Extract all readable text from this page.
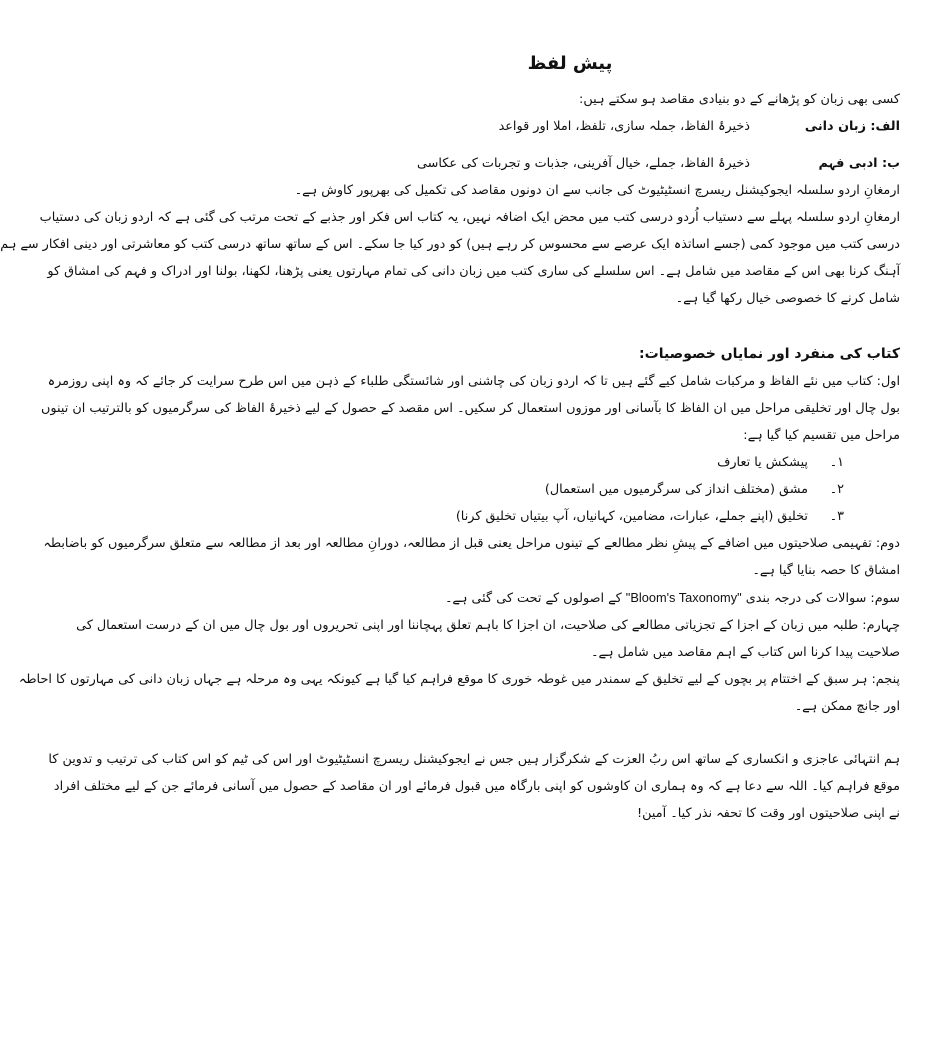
پیش لفظ

کسی بھی زبان کو پڑھانے کے دو بنیادی مقاصد ہو سکتے ہیں:

الف: زبان دانی
ذخیرۂ الفاظ، جملہ سازی، تلفظ، املا اور قواعد
ب: ادبی فہم
ذخیرۂ الفاظ، جملے، خیال آفرینی، جذبات و تجربات کی عکاسی

ارمغانِ اردو سلسلہ ایجوکیشنل ریسرچ انسٹیٹیوٹ کی جانب سے ان دونوں مقاصد کی تکمیل کی بھرپور کاوش ہے۔

ارمغانِ اردو سلسلہ پہلے سے دستیاب اُردو درسی کتب میں محض ایک اضافہ نہیں، یہ کتاب اس فکر اور جذبے کے تحت مرتب کی گئی ہے کہ اردو زبان کی دستیاب

درسی کتب میں موجود کمی (جسے اساتذہ ایک عرصے سے محسوس کر رہے ہیں) کو دور کیا جا سکے۔ اس کے ساتھ ساتھ درسی کتب کو معاشرتی اور دینی افکار سے ہم

آہنگ کرنا بھی اس کے مقاصد میں شامل ہے۔ اس سلسلے کی ساری کتب میں زبان دانی کی تمام مہارتوں یعنی پڑھنا، لکھنا، بولنا اور ادراک و فہم کی امشاق کو

شامل کرنے کا خصوصی خیال رکھا گیا ہے۔

کتاب کی منفرد اور نمایاں خصوصیات:

اول: کتاب میں نئے الفاظ و مرکبات شامل کیے گئے ہیں تا کہ اردو زبان کی چاشنی اور شائستگی طلباء کے ذہن میں اس طرح سرایت کر جائے کہ وہ اپنی روزمرہ

بول چال اور تخلیقی مراحل میں ان الفاظ کا بآسانی اور موزوں استعمال کر سکیں۔ اس مقصد کے حصول کے لیے ذخیرۂ الفاظ کی سرگرمیوں کو بالترتیب ان تینوں

مراحل میں تقسیم کیا گیا ہے:

۱۔پیشکش یا تعارف

۲۔مشق (مختلف انداز کی سرگرمیوں میں استعمال)

۳۔تخلیق (اپنے جملے، عبارات، مضامین، کہانیاں، آپ بیتیاں تخلیق کرنا)

دوم: تفہیمی صلاحیتوں میں اضافے کے پیشِ نظر مطالعے کے تینوں مراحل یعنی قبل از مطالعہ، دورانِ مطالعہ اور بعد از مطالعہ سے متعلق سرگرمیوں کو باضابطہ

امشاق کا حصہ بنایا گیا ہے۔

سوم: سوالات کی درجہ بندی "Bloom's Taxonomy" کے اصولوں کے تحت کی گئی ہے۔

چہارم: طلبہ میں زبان کے اجزا کے تجزیاتی مطالعے کی صلاحیت، ان اجزا کا باہم تعلق پہچاننا اور اپنی تحریروں اور بول چال میں ان کے درست استعمال کی

صلاحیت پیدا کرنا اس کتاب کے اہم مقاصد میں شامل ہے۔

پنجم: ہر سبق کے اختتام پر بچوں کے لیے تخلیق کے سمندر میں غوطہ خوری کا موقع فراہم کیا گیا ہے کیونکہ یہی وہ مرحلہ ہے جہاں زبان دانی کی مہارتوں کا احاطہ

اور جانچ ممکن ہے۔

ہم انتہائی عاجزی و انکساری کے ساتھ اس ربُ العزت کے شکرگزار ہیں جس نے ایجوکیشنل ریسرچ انسٹیٹیوٹ اور اس کی ٹیم کو اس کتاب کی ترتیب و تدوین کا

موقع فراہم کیا۔ اللہ سے دعا ہے کہ وہ ہماری ان کاوشوں کو اپنی بارگاہ میں قبول فرمائے اور ان مقاصد کے حصول میں آسانی فرمائے جن کے لیے مختلف افراد

نے اپنی صلاحیتوں اور وقت کا تحفہ نذر کیا۔ آمین!
